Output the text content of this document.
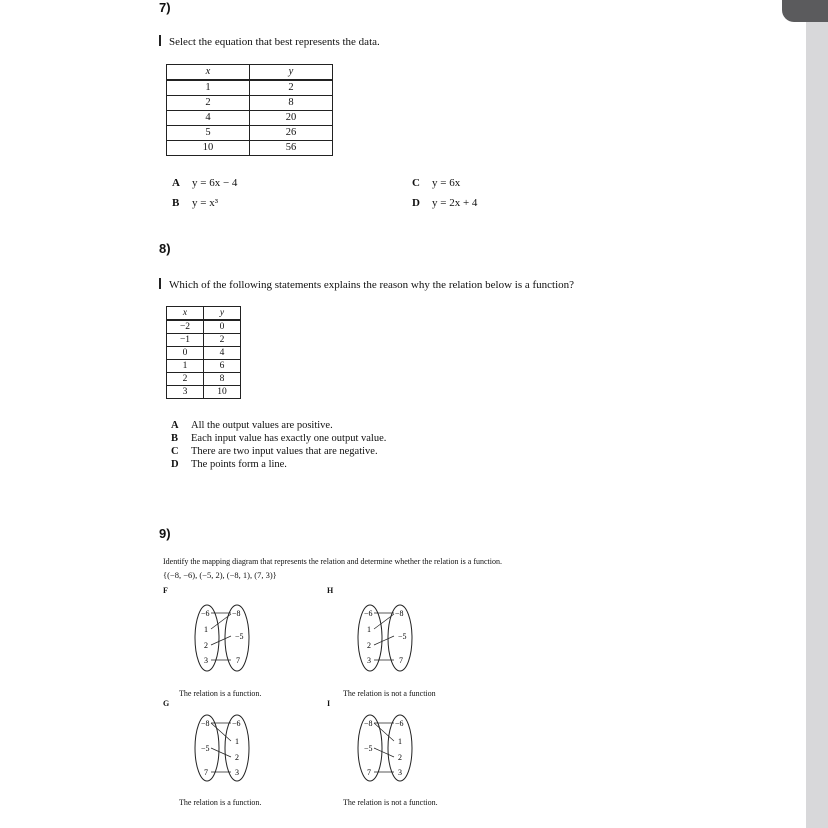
7)
Select the equation that best represents the data.
x	y
1	2
2	8
4	20
5	26
10	56
A y = 6x − 4
B y = x³
C y = 6x
D y = 2x + 4
8)
Which of the following statements explains the reason why the relation below is a function?
x	y
−2	0
−1	2
0	4
1	6
2	8
3	10
A All the output values are positive.
B Each input value has exactly one output value.
C There are two input values that are negative.
D The points form a line.
9)
Identify the mapping diagram that represents the relation and determine whether the relation is a function.
{(−8, −6), (−5, 2), (−8, 1), (7, 3)}
F
−6
1
2
3
−8
−5
7
The relation is a function.
H
−6
1
2
3
−8
−5
7
The relation is not a function
G
−8
−5
7
−6
1
2
3
The relation is a function.
I
−8
−5
7
−6
1
2
3
The relation is not a function.
